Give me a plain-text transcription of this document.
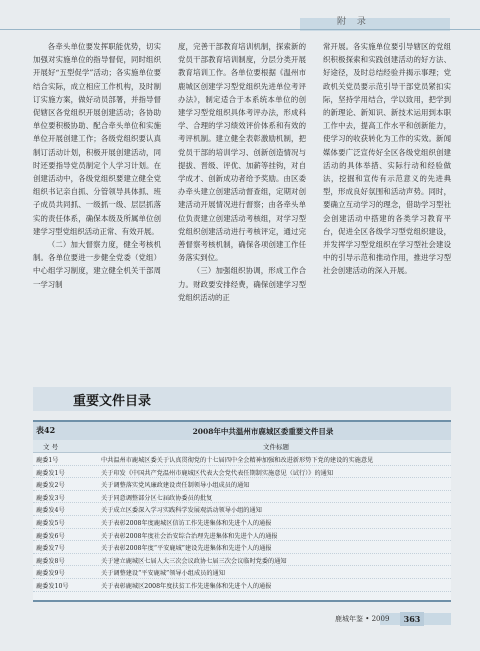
附 录

各牵头单位要发挥职能优势，切实加强对实施单位的指导督促，同时组织开展好“五型促学”活动；各实施单位要结合实际，成立相应工作机构，及时制订实施方案，做好动员部署，并指导督促辖区各党组织开展创建活动；各协助单位要积极协助、配合牵头单位和实施单位开展创建工作；各级党组织要认真制订活动计划，积极开展创建活动，同时还要指导党员制定个人学习计划。在创建活动中，各级党组织要建立健全党组织书记亲自抓、分管领导具体抓、班子成员共同抓、一级抓一级、层层抓落实的责任体系，确保本级及所属单位创建学习型党组织活动正常、有效开展。

（二）加大督察力度，健全考核机制。各单位要进一步健全党委（党组）中心组学习制度，建立健全机关干部周一学习制

度，完善干部教育培训机制，探索新的党员干部教育培训制度，分层分类开展教育培训工作。各单位要根据《温州市鹿城区创建学习型党组织先进单位考评办法》，制定适合于本系统本单位的创建学习型党组织具体考评办法，形成科学、合理的学习绩效评价体系和有效的考评机制。建立健全表彰激励机制，把党员干部的培训学习、创新创造情况与提拔、晋级、评优、加薪等挂钩，对自学成才、创新成功者给予奖励。由区委办牵头建立创建活动督查组，定期对创建活动开展情况进行督察；由各牵头单位负责建立创建活动考核组，对学习型党组织创建活动进行考核评定，通过完善督察考核机制，确保各项创建工作任务落实到位。

（三）加强组织协调，形成工作合力。财政要安排经费，确保创建学习型党组织活动的正

常开展。各实施单位要引导辖区的党组织积极探索和实践创建活动的好方法、好途径，及时总结经验并揭示事理；党政机关党员要示范引导干部党员紧扣实际，坚持学用结合，学以致用，把学到的新理论、新知识、新技术运用到本职工作中去，提高工作水平和创新能力，使学习的收获转化为工作的实效。新闻媒体要广泛宣传好全区各级党组织创建活动的具体举措、实际行动和经验做法，挖掘和宣传有示范意义的先进典型，形成良好氛围和活动声势。同时，要确立互动学习的理念，借助学习型社会创建活动中搭建的各类学习教育平台，促进全区各级学习型党组织建设，并发挥学习型党组织在学习型社会建设中的引导示范和推动作用，推进学习型社会创建活动的深入开展。

重要文件目录
表42	2008年中共温州市鹿城区委重要文件目录
文 号	文件标题
鹿委1号	中共温州市鹿城区委关于认真贯彻党的十七届四中全会精神加强和改进新形势下党的建设的实施意见
鹿委发1号	关于印发《中国共产党温州市鹿城区代表大会党代表任期制实施意见（试行）》的通知
鹿委发2号	关于调整落实党风廉政建设责任制领导小组成员的通知
鹿委发3号	关于同意调整部分区七届政协委员的批复
鹿委发4号	关于成立区委深入学习实践科学发展观活动领导小组的通知
鹿委发5号	关于表彰2008年度鹿城区信访工作先进集体和先进个人的通报
鹿委发6号	关于表彰2008年度社会治安综合治理先进集体和先进个人的通报
鹿委发7号	关于表彰2008年度“平安鹿城”建设先进集体和先进个人的通报
鹿委发8号	关于建立鹿城区七届人大三次会议政协七届三次会议临时党委的通知
鹿委发9号	关于调整建设“平安鹿城”领导小组成员的通知
鹿委发10号	关于表彰鹿城区2008年度扶贫工作先进集体和先进个人的通报
鹿城年鉴 • 2009	363
